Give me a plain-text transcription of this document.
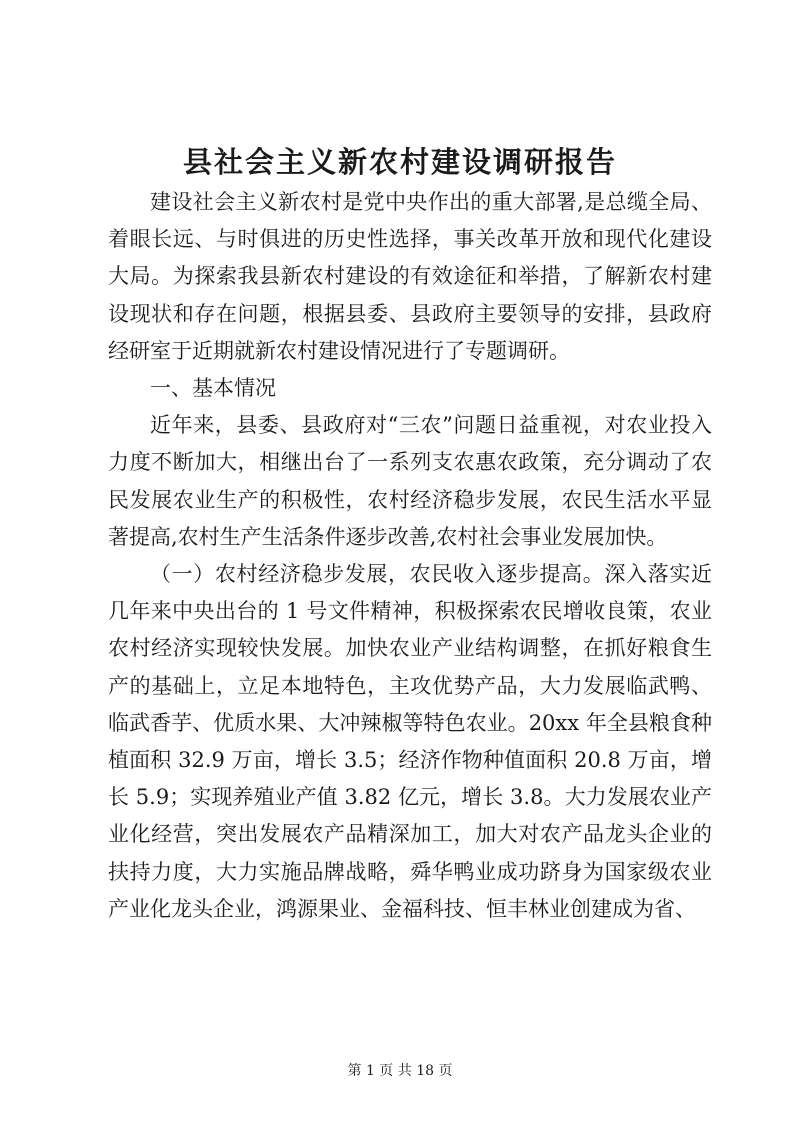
县社会主义新农村建设调研报告

建设社会主义新农村是党中央作出的重大部署,是总缆全局、着眼长远、与时俱进的历史性选择，事关改革开放和现代化建设大局。为探索我县新农村建设的有效途征和举措，了解新农村建设现状和存在问题，根据县委、县政府主要领导的安排，县政府经研室于近期就新农村建设情况进行了专题调研。

一、基本情况

近年来，县委、县政府对“三农”问题日益重视，对农业投入力度不断加大，相继出台了一系列支农惠农政策，充分调动了农民发展农业生产的积极性，农村经济稳步发展，农民生活水平显著提高,农村生产生活条件逐步改善,农村社会事业发展加快。

（一）农村经济稳步发展，农民收入逐步提高。深入落实近几年来中央出台的 1 号文件精神，积极探索农民增收良策，农业农村经济实现较快发展。加快农业产业结构调整，在抓好粮食生产的基础上，立足本地特色，主攻优势产品，大力发展临武鸭、临武香芋、优质水果、大冲辣椒等特色农业。20xx 年全县粮食种植面积 32.9 万亩，增长 3.5；经济作物种值面积 20.8 万亩，增长 5.9；实现养殖业产值 3.82 亿元，增长 3.8。大力发展农业产业化经营，突出发展农产品精深加工，加大对农产品龙头企业的扶持力度，大力实施品牌战略，舜华鸭业成功跻身为国家级农业产业化龙头企业，鸿源果业、金福科技、恒丰林业创建成为省、

第 1 页 共 18 页
